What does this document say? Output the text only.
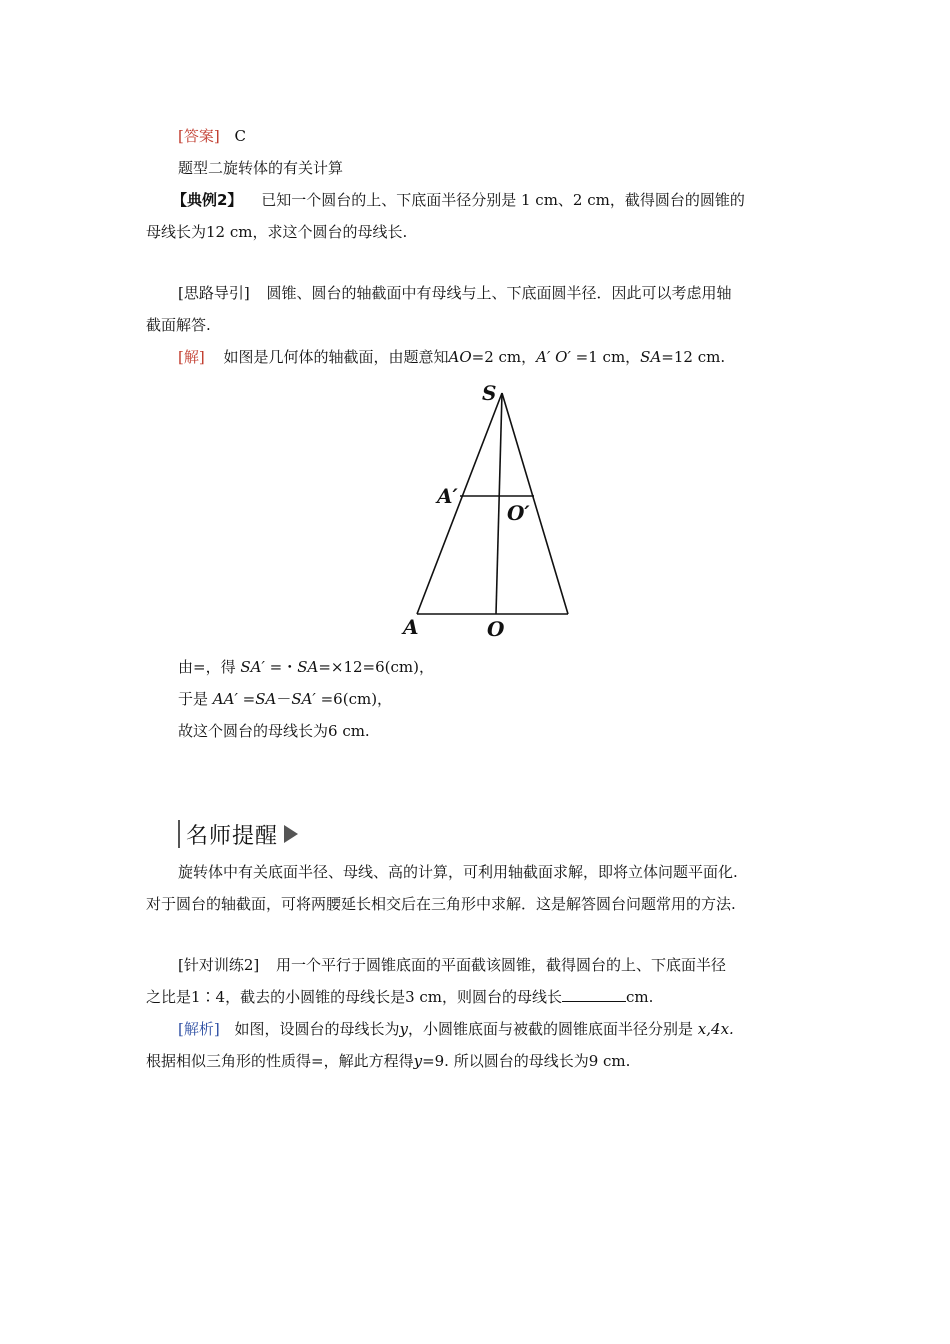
[答案] C
题型二旋转体的有关计算
【典例2】 已知一个圆台的上、下底面半径分别是 1 cm、2 cm，截得圆台的圆锥的
母线长为12 cm，求这个圆台的母线长.
[思路导引] 圆锥、圆台的轴截面中有母线与上、下底面圆半径．因此可以考虑用轴
截面解答.
[解] 如图是几何体的轴截面，由题意知AO=2 cm，A′ O′ =1 cm，SA=12 cm.
S
A′
O′
A	O
由=，得 SA′ =・SA=×12=6(cm)，
于是 AA′ =SA－SA′ =6(cm)，
故这个圆台的母线长为6 cm.
名师提醒
旋转体中有关底面半径、母线、高的计算，可利用轴截面求解，即将立体问题平面化.
对于圆台的轴截面，可将两腰延长相交后在三角形中求解．这是解答圆台问题常用的方法.
[针对训练2] 用一个平行于圆锥底面的平面截该圆锥，截得圆台的上、下底面半径
之比是1∶4，截去的小圆锥的母线长是3 cm，则圆台的母线长	cm.
[解析] 如图，设圆台的母线长为y，小圆锥底面与被截的圆锥底面半径分别是 x,4x.
根据相似三角形的性质得=，解此方程得y=9. 所以圆台的母线长为9 cm.
